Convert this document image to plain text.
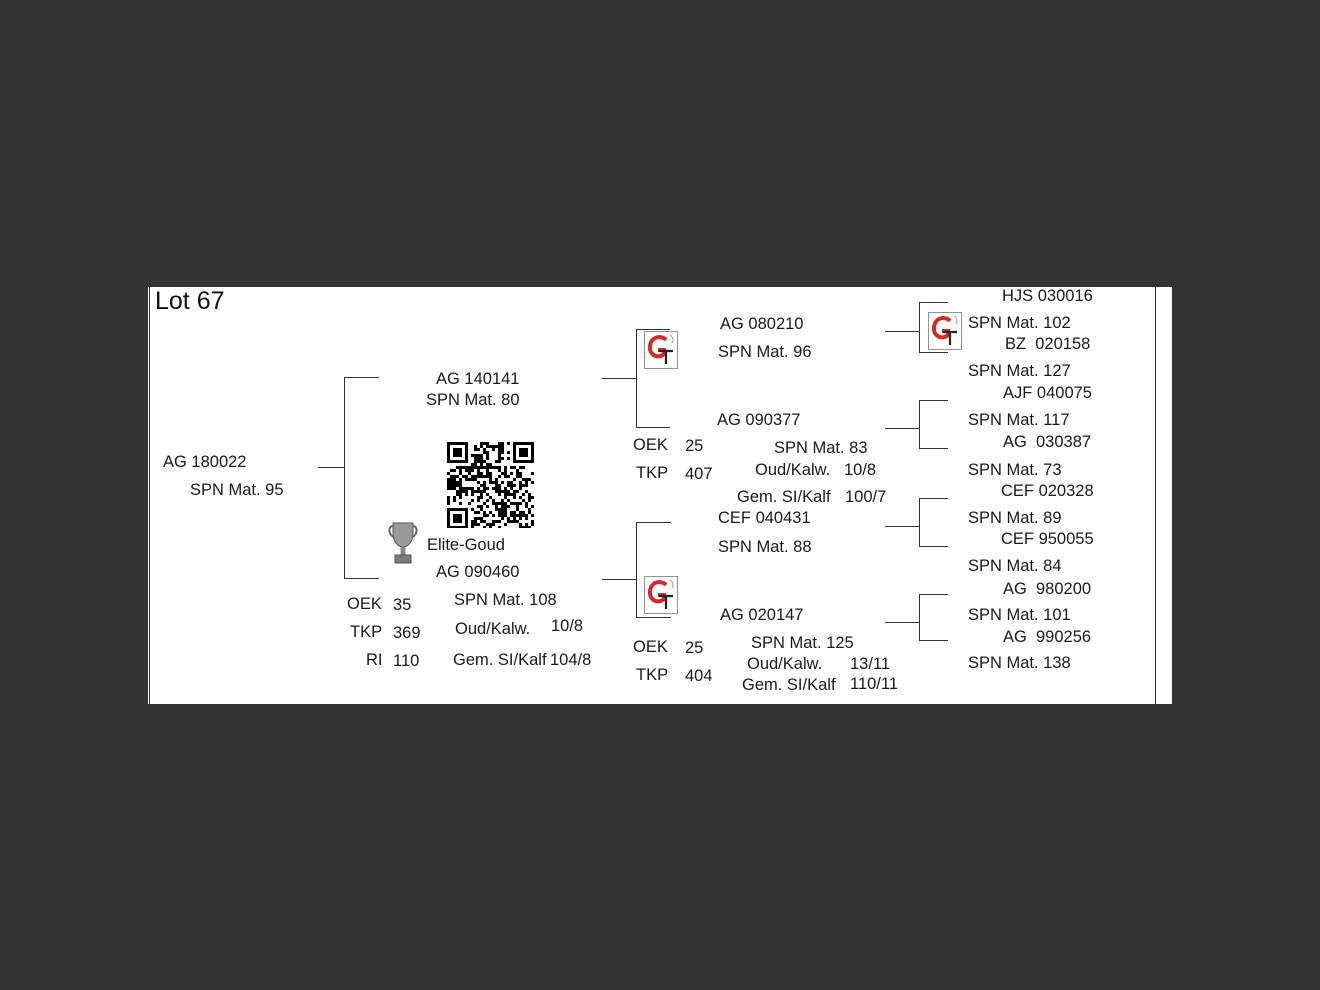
Lot 67
AG 180022
SPN Mat. 95
AG 140141
SPN Mat. 80
Elite-Goud
AG 090460
SPN Mat. 108
OEK 35
TKP 369
RI 110
Oud/Kalw. 10/8
Gem. SI/Kalf 104/8
AG 080210
SPN Mat. 96
AG 090377
OEK 25	SPN Mat. 83
TKP 407	Oud/Kalw. 10/8
Gem. SI/Kalf 100/7
CEF 040431
SPN Mat. 88
AG 020147
SPN Mat. 125
OEK 25
TKP 404
Oud/Kalw. 13/11
Gem. SI/Kalf 110/11
HJS 030016
SPN Mat. 102
BZ  020158
SPN Mat. 127
AJF 040075
SPN Mat. 117
AG  030387
SPN Mat. 73
CEF 020328
SPN Mat. 89
CEF 950055
SPN Mat. 84
AG  980200
SPN Mat. 101
AG  990256
SPN Mat. 138
